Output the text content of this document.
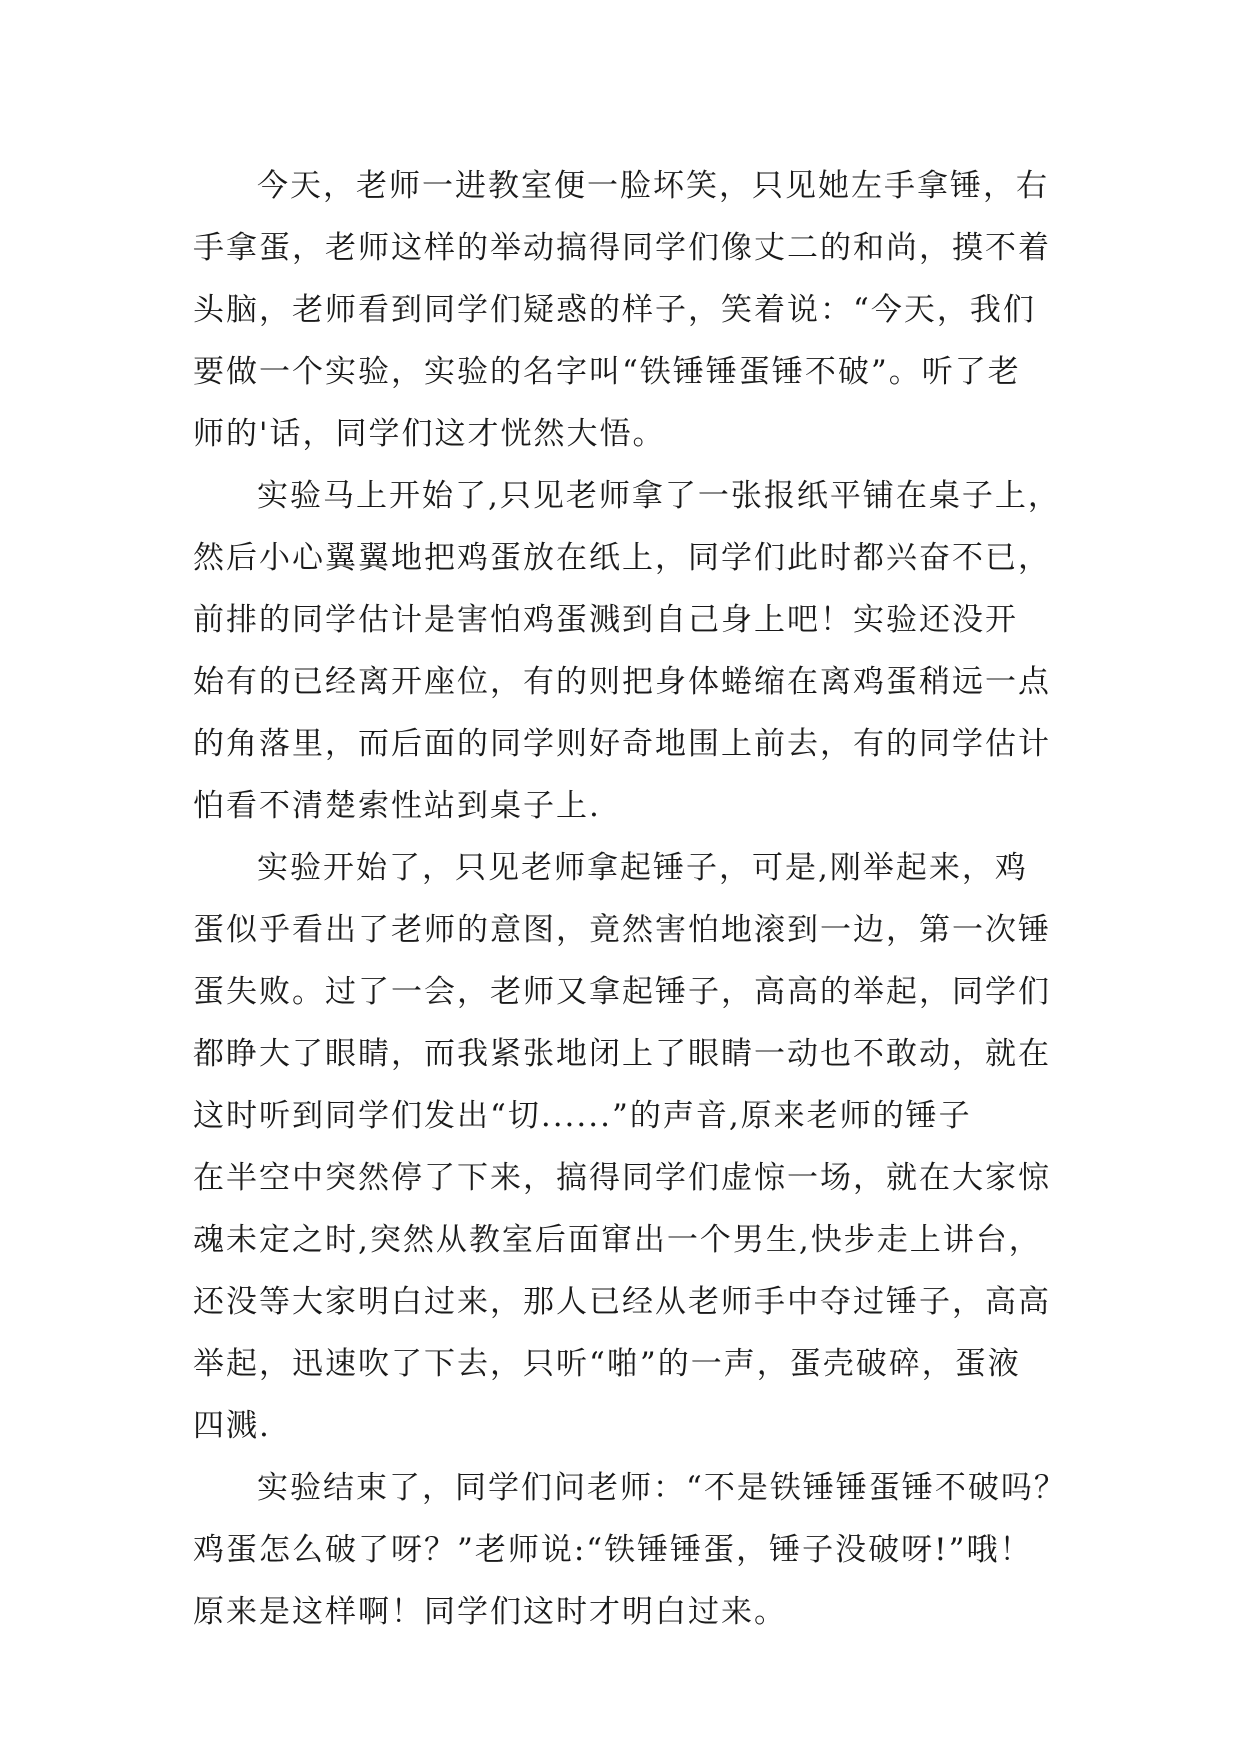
今天，老师一进教室便一脸坏笑，只见她左手拿锤，右
手拿蛋，老师这样的举动搞得同学们像丈二的和尚，摸不着
头脑，老师看到同学们疑惑的样子，笑着说：“今天，我们
要做一个实验，实验的名字叫“铁锤锤蛋锤不破”。听了老
师的'话，同学们这才恍然大悟。
实验马上开始了,只见老师拿了一张报纸平铺在桌子上，
然后小心翼翼地把鸡蛋放在纸上，同学们此时都兴奋不已，
前排的同学估计是害怕鸡蛋溅到自己身上吧！实验还没开
始有的已经离开座位，有的则把身体蜷缩在离鸡蛋稍远一点
的角落里，而后面的同学则好奇地围上前去，有的同学估计
怕看不清楚索性站到桌子上.
实验开始了，只见老师拿起锤子，可是,刚举起来，鸡
蛋似乎看出了老师的意图，竟然害怕地滚到一边，第一次锤
蛋失败。过了一会，老师又拿起锤子，高高的举起，同学们
都睁大了眼睛，而我紧张地闭上了眼睛一动也不敢动，就在
这时听到同学们发出“切......”的声音,原来老师的锤子
在半空中突然停了下来，搞得同学们虚惊一场，就在大家惊
魂未定之时,突然从教室后面窜出一个男生,快步走上讲台，
还没等大家明白过来，那人已经从老师手中夺过锤子，高高
举起，迅速吹了下去，只听“啪”的一声，蛋壳破碎，蛋液
四溅.
实验结束了，同学们问老师：“不是铁锤锤蛋锤不破吗？
鸡蛋怎么破了呀？”老师说:“铁锤锤蛋，锤子没破呀!”哦！
原来是这样啊！同学们这时才明白过来。
